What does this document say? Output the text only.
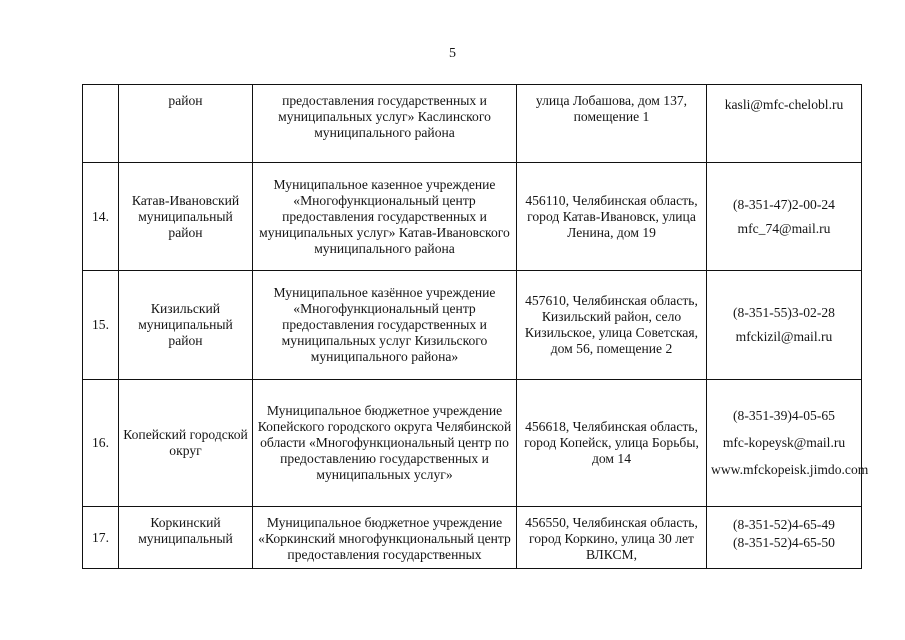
5
	район	предоставления государственных и муниципальных услуг» Каслинского муниципального района	улица Лобашова, дом 137, помещение 1	kasli@mfc-chelobl.ru

14.	Катав-Ивановский муниципальный район	Муниципальное казенное учреждение «Многофункциональный центр предоставления государственных и муниципальных услуг» Катав-Ивановского муниципального района	456110, Челябинская область, город Катав-Ивановск, улица Ленина, дом 19	(8-351-47)2-00-24
mfc_74@mail.ru

15.	Кизильский муниципальный район	Муниципальное казённое учреждение «Многофункциональный центр предоставления государственных и муниципальных услуг Кизильского муниципального района»	457610, Челябинская область, Кизильский район, село Кизильское, улица Советская, дом 56, помещение 2	(8-351-55)3-02-28
mfckizil@mail.ru

16.	Копейский городской округ	Муниципальное бюджетное учреждение Копейского городского округа Челябинской области «Многофункциональный центр по предоставлению государственных и муниципальных услуг»	456618, Челябинская область, город Копейск, улица Борьбы, дом 14	(8-351-39)4-05-65
mfc-kopeysk@mail.ru
www.mfckopeisk.jimdo.com

17.	Коркинский муниципальный	Муниципальное бюджетное учреждение «Коркинский многофункциональный центр предоставления государственных	456550, Челябинская область, город Коркино, улица 30 лет ВЛКСМ,	(8-351-52)4-65-49
(8-351-52)4-65-50
